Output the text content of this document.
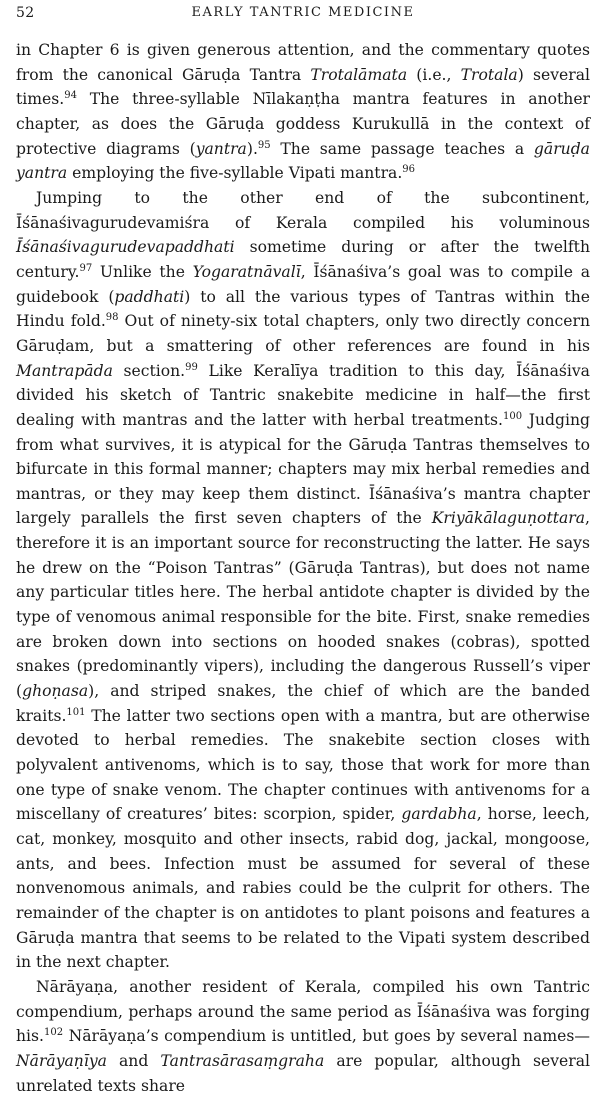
52	EARLY TANTRIC MEDICINE

in Chapter 6 is given generous attention, and the commentary quotes from the canonical Gāruḍa Tantra Trotalāmata (i.e., Trotala) several times.$^{94}$ The three-syllable Nīlakaṇṭha mantra features in another chapter, as does the Gāruḍa goddess Kurukullā in the context of protective diagrams (yantra).$^{95}$ The same passage teaches a gāruḍa yantra employing the five-syllable Vipati mantra.$^{96}$

Jumping to the other end of the subcontinent, Īśānaśivagurudevamiśra of Kerala compiled his voluminous Īśānaśivagurudevapaddhati sometime during or after the twelfth century.$^{97}$ Unlike the Yogaratnāvalī, Īśānaśiva’s goal was to compile a guidebook (paddhati) to all the various types of Tantras within the Hindu fold.$^{98}$ Out of ninety-six total chapters, only two directly concern Gāruḍam, but a smattering of other references are found in his Mantrapāda section.$^{99}$ Like Keralīya tradition to this day, Īśānaśiva divided his sketch of Tantric snakebite medicine in half—the first dealing with mantras and the latter with herbal treatments.$^{100}$ Judging from what survives, it is atypical for the Gāruḍa Tantras themselves to bifurcate in this formal manner; chapters may mix herbal remedies and mantras, or they may keep them distinct. Īśānaśiva’s mantra chapter largely parallels the first seven chapters of the Kriyākālaguṇottara, therefore it is an important source for reconstructing the latter. He says he drew on the “Poison Tantras” (Gāruḍa Tantras), but does not name any particular titles here. The herbal antidote chapter is divided by the type of venomous animal responsible for the bite. First, snake remedies are broken down into sections on hooded snakes (cobras), spotted snakes (predominantly vipers), including the dangerous Russell’s viper (ghoṇasa), and striped snakes, the chief of which are the banded kraits.$^{101}$ The latter two sections open with a mantra, but are otherwise devoted to herbal remedies. The snakebite section closes with polyvalent antivenoms, which is to say, those that work for more than one type of snake venom. The chapter continues with antivenoms for a miscellany of creatures’ bites: scorpion, spider, gardabha, horse, leech, cat, monkey, mosquito and other insects, rabid dog, jackal, mongoose, ants, and bees. Infection must be assumed for several of these nonvenomous animals, and rabies could be the culprit for others. The remainder of the chapter is on antidotes to plant poisons and features a Gāruḍa mantra that seems to be related to the Vipati system described in the next chapter.

Nārāyaṇa, another resident of Kerala, compiled his own Tantric compendium, perhaps around the same period as Īśānaśiva was forging his.$^{102}$ Nārāyaṇa’s compendium is untitled, but goes by several names—Nārāyaṇīya and Tantrasārasaṃgraha are popular, although several unrelated texts share
